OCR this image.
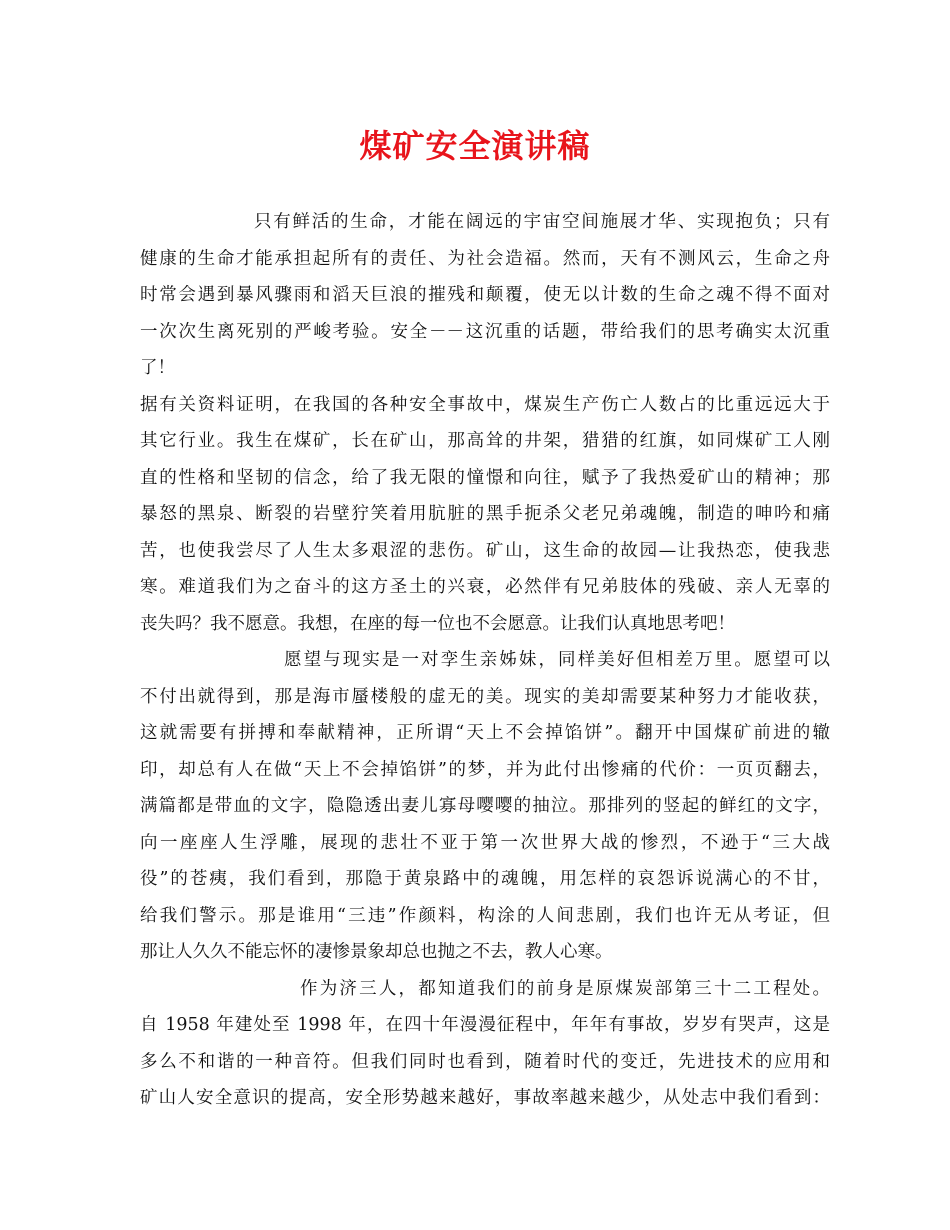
煤矿安全演讲稿
只有鲜活的生命，才能在阔远的宇宙空间施展才华、实现抱负；只有
健康的生命才能承担起所有的责任、为社会造福。然而，天有不测风云，生命之舟
时常会遇到暴风骤雨和滔天巨浪的摧残和颠覆，使无以计数的生命之魂不得不面对
一次次生离死别的严峻考验。安全－－这沉重的话题，带给我们的思考确实太沉重
了！
据有关资料证明，在我国的各种安全事故中，煤炭生产伤亡人数占的比重远远大于
其它行业。我生在煤矿，长在矿山，那高耸的井架，猎猎的红旗，如同煤矿工人刚
直的性格和坚韧的信念，给了我无限的憧憬和向往，赋予了我热爱矿山的精神；那
暴怒的黑泉、断裂的岩壁狞笑着用肮脏的黑手扼杀父老兄弟魂魄，制造的呻吟和痛
苦，也使我尝尽了人生太多艰涩的悲伤。矿山，这生命的故园—让我热恋，使我悲
寒。难道我们为之奋斗的这方圣土的兴衰，必然伴有兄弟肢体的残破、亲人无辜的
丧失吗？我不愿意。我想，在座的每一位也不会愿意。让我们认真地思考吧！
愿望与现实是一对孪生亲姊妹，同样美好但相差万里。愿望可以
不付出就得到，那是海市蜃楼般的虚无的美。现实的美却需要某种努力才能收获，
这就需要有拼搏和奉献精神，正所谓“天上不会掉馅饼”。翻开中国煤矿前进的辙
印，却总有人在做“天上不会掉馅饼”的梦，并为此付出惨痛的代价：一页页翻去，
满篇都是带血的文字，隐隐透出妻儿寡母嘤嘤的抽泣。那排列的竖起的鲜红的文字，
向一座座人生浮雕，展现的悲壮不亚于第一次世界大战的惨烈，不逊于“三大战
役”的苍痍，我们看到，那隐于黄泉路中的魂魄，用怎样的哀怨诉说满心的不甘，
给我们警示。那是谁用“三违”作颜料，构涂的人间悲剧，我们也许无从考证，但
那让人久久不能忘怀的凄惨景象却总也抛之不去，教人心寒。
作为济三人，都知道我们的前身是原煤炭部第三十二工程处。
自 1958 年建处至 1998 年，在四十年漫漫征程中，年年有事故，岁岁有哭声，这是
多么不和谐的一种音符。但我们同时也看到，随着时代的变迁，先进技术的应用和
矿山人安全意识的提高，安全形势越来越好，事故率越来越少，从处志中我们看到：
